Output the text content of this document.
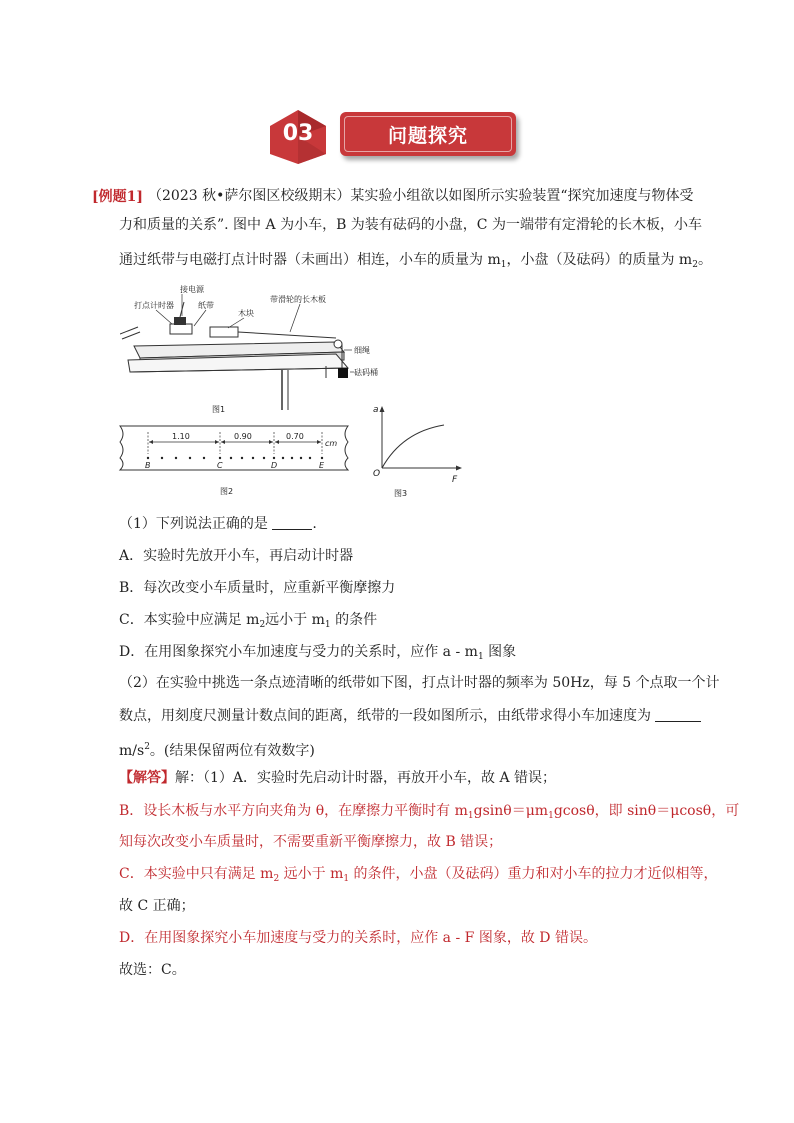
03	问题探究
[例题1] （2023 秋•萨尔图区校级期末）某实验小组欲以如图所示实验装置“探究加速度与物体受
力和质量的关系”. 图中 A 为小车，B 为装有砝码的小盘，C 为一端带有定滑轮的长木板，小车
通过纸带与电磁打点计时器（未画出）相连，小车的质量为 $m_1$，小盘（及砝码）的质量为 $m_2$。
接电源
打点计时器	纸带
木块
带滑轮的长木板
细绳
砝码桶
图1
1.10	0.90	0.70
cm
B	C	D	E
图2
a
F
O
图3
（1）下列说法正确的是	.
A．实验时先放开小车，再启动计时器
B．每次改变小车质量时，应重新平衡摩擦力
C．本实验中应满足 $m_2$远小于 $m_1$ 的条件
D．在用图象探究小车加速度与受力的关系时，应作 a - $m_1$ 图象
（2）在实验中挑选一条点迹清晰的纸带如下图，打点计时器的频率为 50Hz，每 5 个点取一个计
数点，用刻度尺测量计数点间的距离，纸带的一段如图所示，由纸带求得小车加速度为
$m/s^2$。(结果保留两位有效数字)
【解答】解：（1）A．实验时先启动计时器，再放开小车，故 A 错误；
B．设长木板与水平方向夹角为 θ，在摩擦力平衡时有 $m_1gsin\theta=\mu m_1gcos\theta$，即 sinθ＝μcosθ，可
知每次改变小车质量时，不需要重新平衡摩擦力，故 B 错误；
C．本实验中只有满足 $m_2$ 远小于 $m_1$ 的条件，小盘（及砝码）重力和对小车的拉力才近似相等，
故 C 正确；
D．在用图象探究小车加速度与受力的关系时，应作 a - F 图象，故 D 错误。
故选：C。
